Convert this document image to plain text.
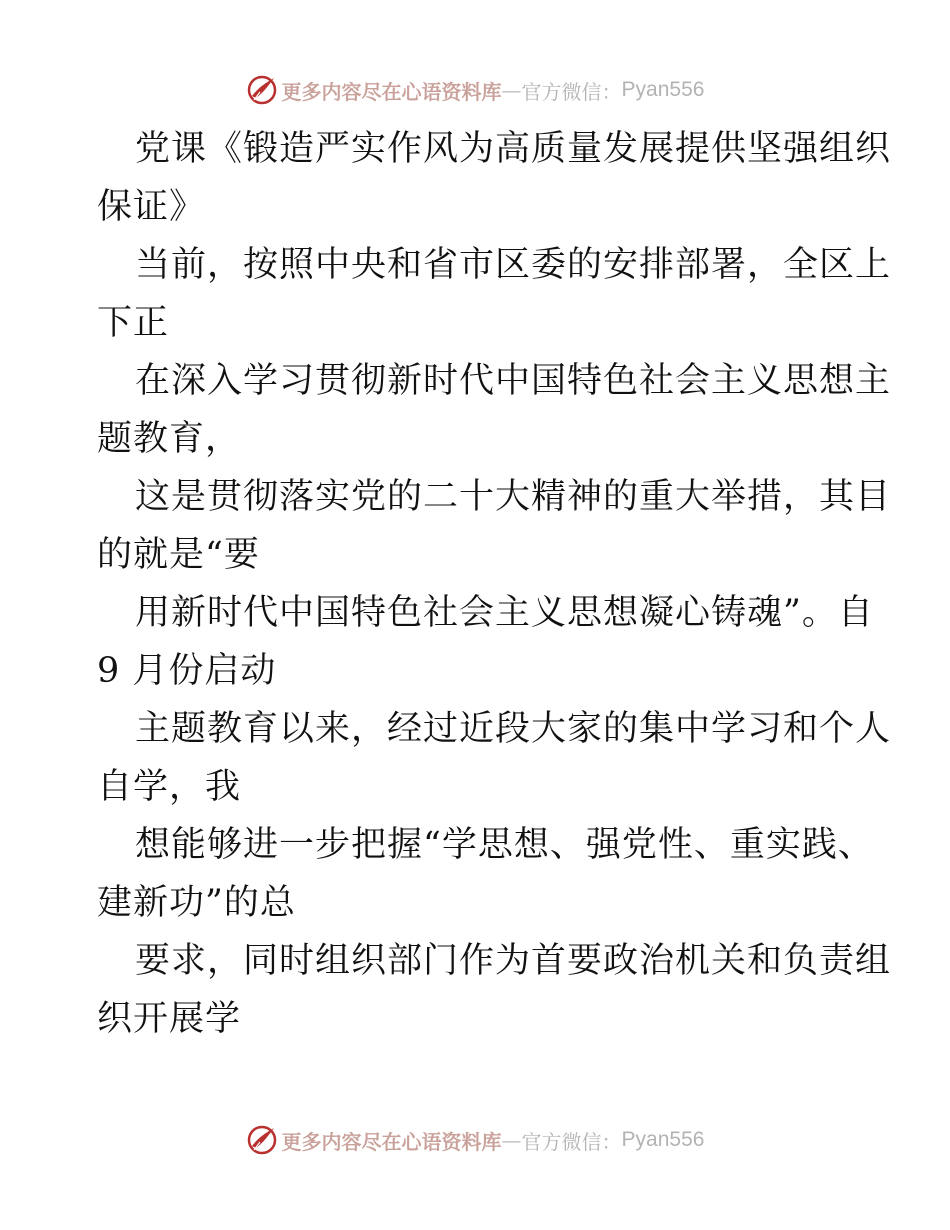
更多内容尽在心语资料库 — 官方微信： Pyan556
党课《锻造严实作风为高质量发展提供坚强组织
保证》
当前，按照中央和省市区委的安排部署，全区上
下正
在深入学习贯彻新时代中国特色社会主义思想主
题教育，
这是贯彻落实党的二十大精神的重大举措，其目
的就是“要
用新时代中国特色社会主义思想凝心铸魂”。自
9 月份启动
主题教育以来，经过近段大家的集中学习和个人
自学，我
想能够进一步把握“学思想、强党性、重实践、
建新功”的总
要求，同时组织部门作为首要政治机关和负责组
织开展学
更多内容尽在心语资料库 — 官方微信： Pyan556
